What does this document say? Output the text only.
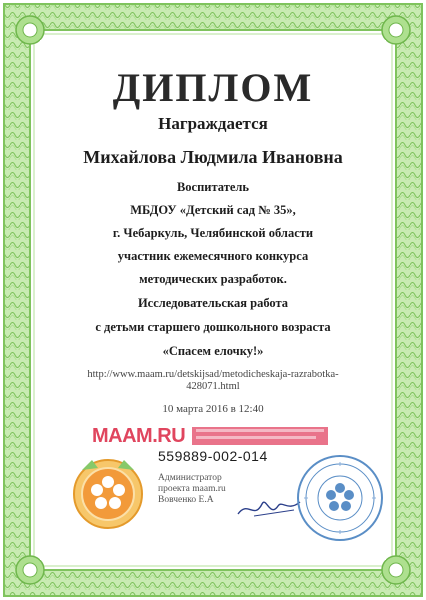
ДИПЛОМ
Награждается
Михайлова Людмила Ивановна
Воспитатель
МБДОУ «Детский сад № 35»,
г. Чебаркуль, Челябинской области
участник ежемесячного конкурса
методических разработок.
Исследовательская работа
с детьми старшего дошкольного возраста
«Спасем елочку!»
http://www.maam.ru/detskijsad/metodicheskaja-razrabotka-
428071.html
10 марта 2016 в 12:40
MAAM.RU
559889-002-014
Администратор
проекта maam.ru
Вовченко Е.А
